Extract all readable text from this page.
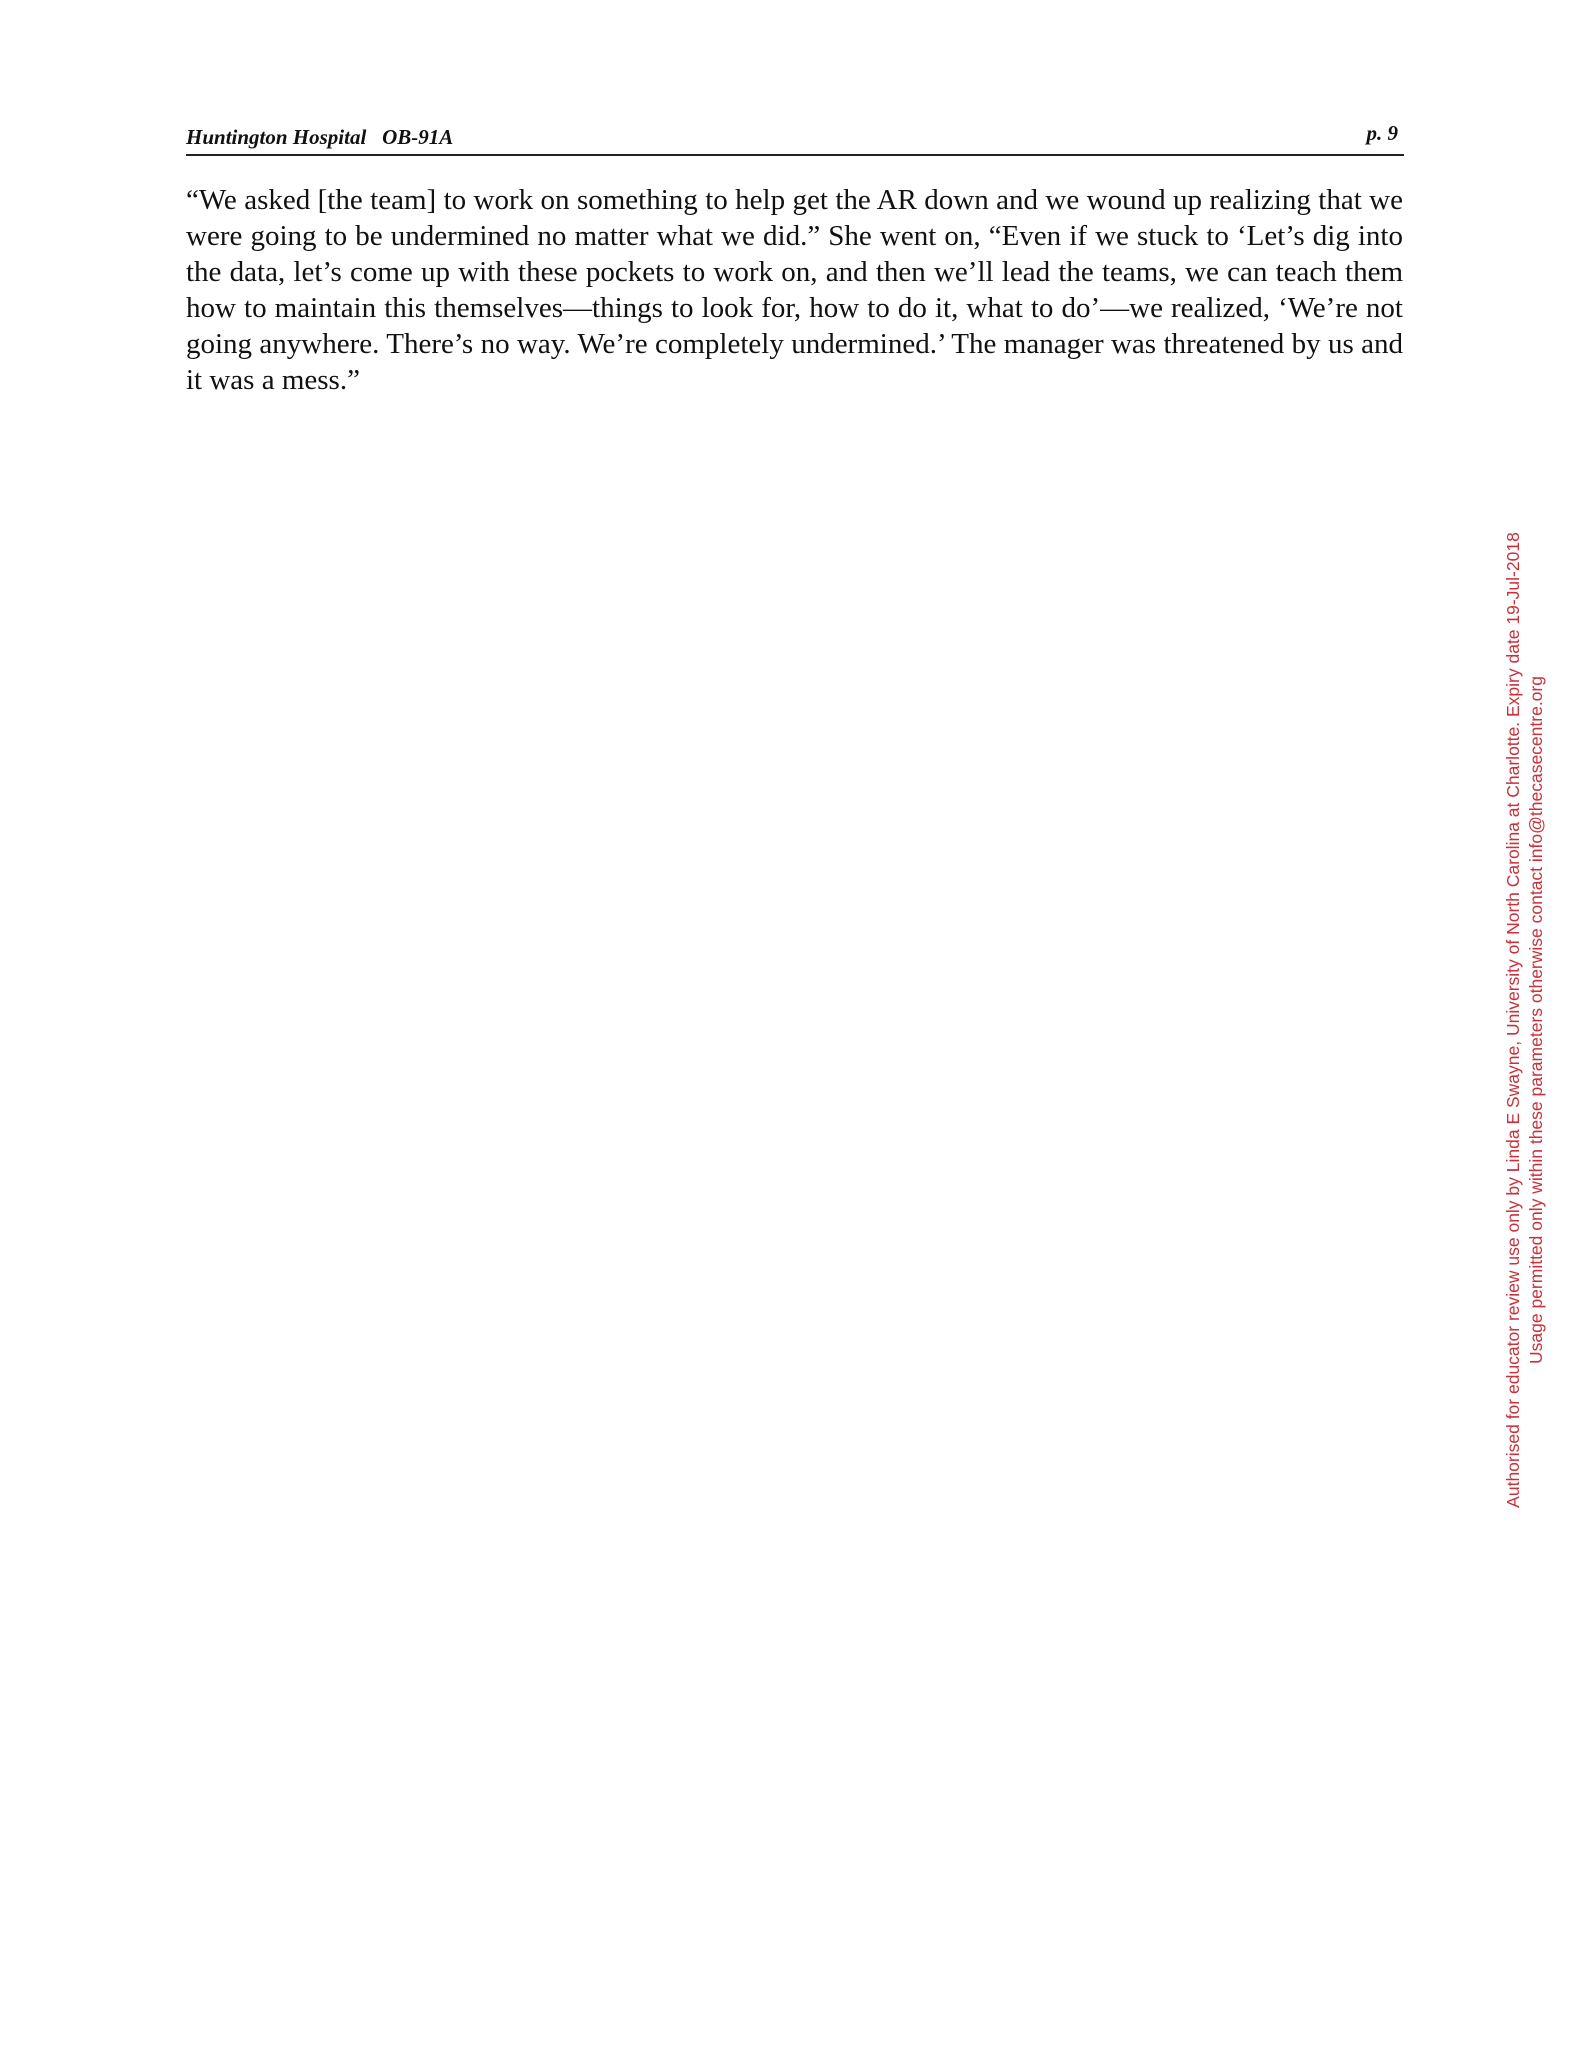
Huntington Hospital   OB-91A	p. 9

“We asked [the team] to work on something to help get the AR down and we wound up realizing that we were going to be undermined no matter what we did.” She went on, “Even if we stuck to ‘Let’s dig into the data, let’s come up with these pockets to work on, and then we’ll lead the teams, we can teach them how to maintain this themselves—things to look for, how to do it, what to do’—we realized, ‘We’re not going anywhere. There’s no way. We’re completely undermined.’ The manager was threatened by us and it was a mess.”

Authorised for educator review use only by Linda E Swayne, University of North Carolina at Charlotte. Expiry date 19-Jul-2018 Usage permitted only within these parameters otherwise contact info@thecasecentre.org
